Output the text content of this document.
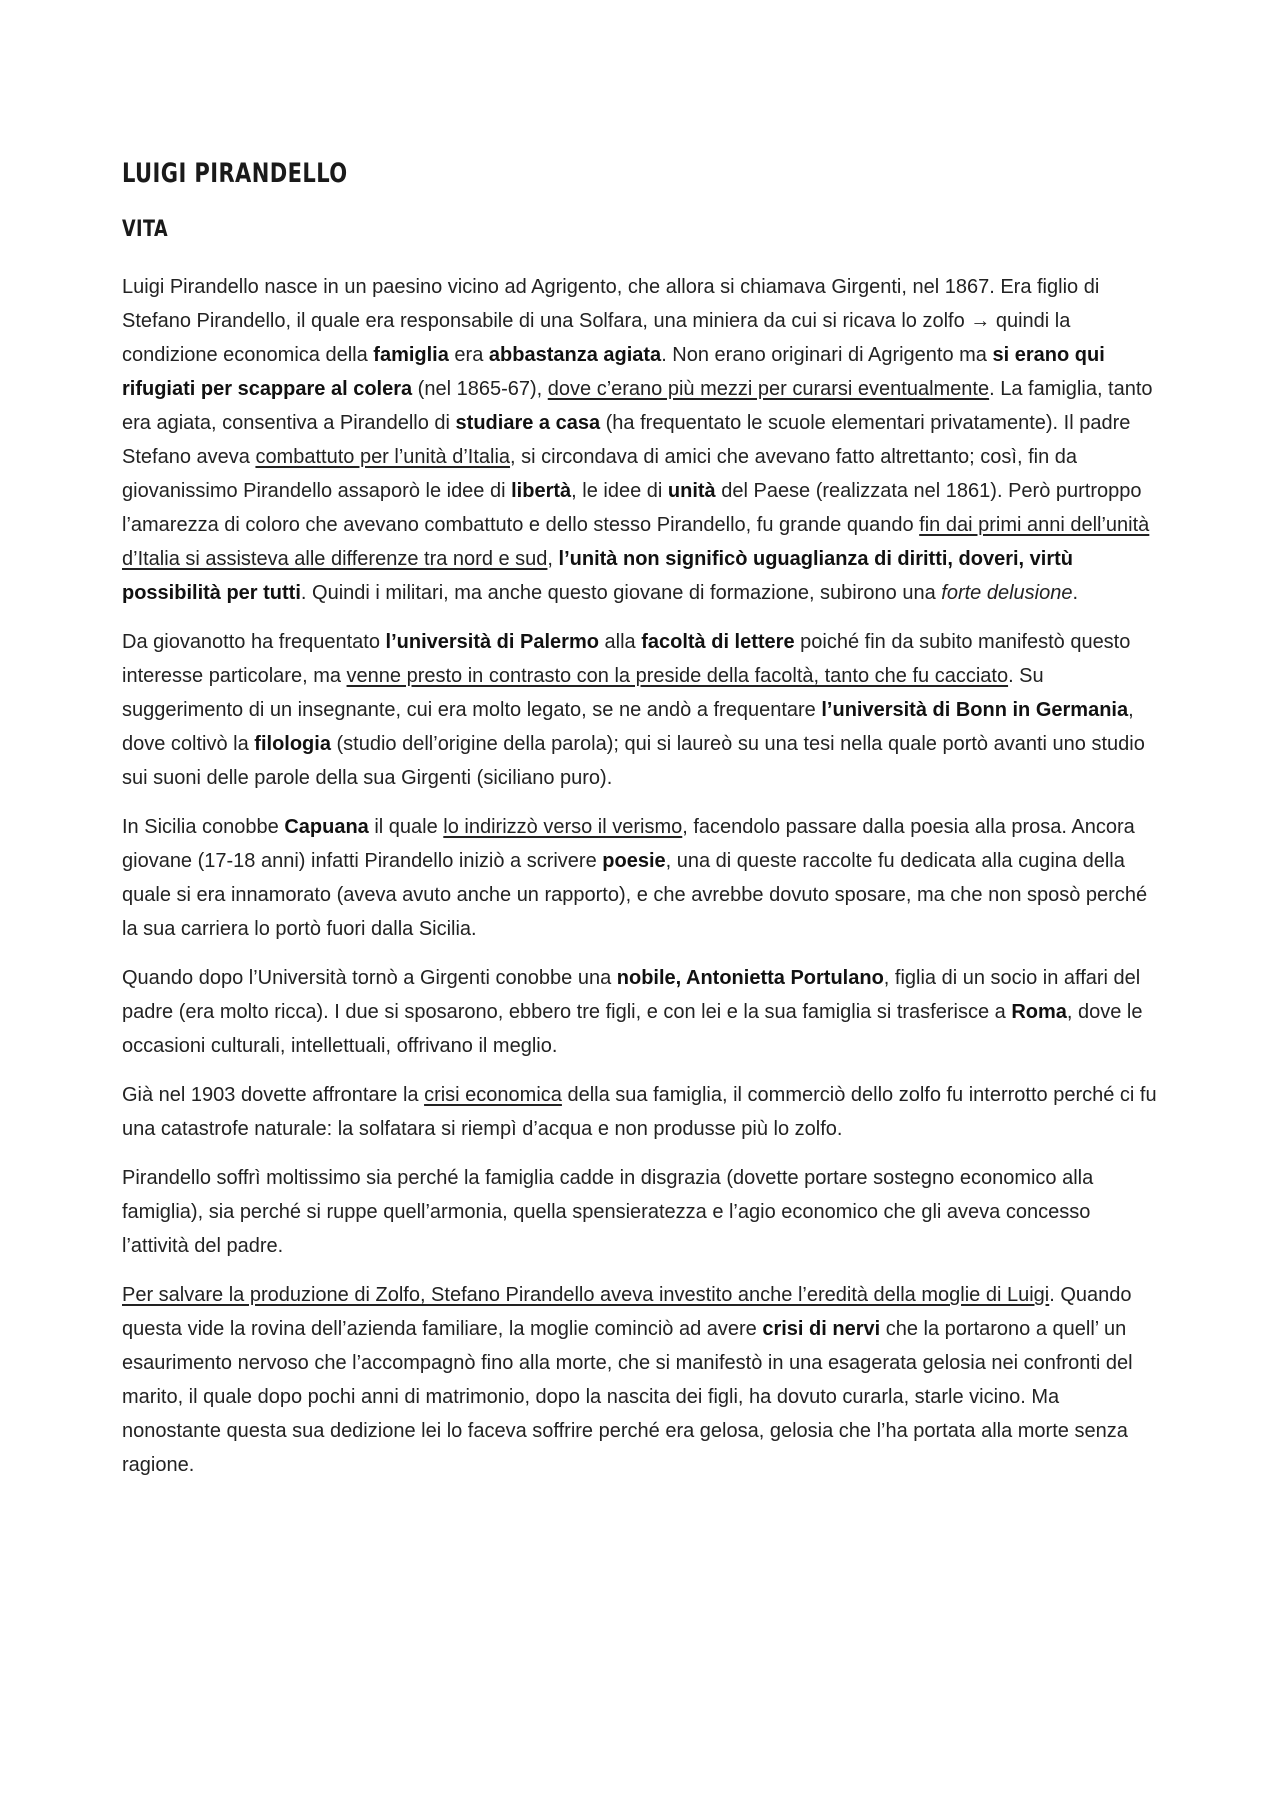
LUIGI PIRANDELLO
VITA

Luigi Pirandello nasce in un paesino vicino ad Agrigento, che allora si chiamava Girgenti, nel 1867. Era figlio di Stefano Pirandello, il quale era responsabile di una Solfara, una miniera da cui si ricava lo zolfo → quindi la condizione economica della famiglia era abbastanza agiata. Non erano originari di Agrigento ma si erano qui rifugiati per scappare al colera (nel 1865-67), dove c’erano più mezzi per curarsi eventualmente. La famiglia, tanto era agiata, consentiva a Pirandello di studiare a casa (ha frequentato le scuole elementari privatamente). Il padre Stefano aveva combattuto per l’unità d’Italia, si circondava di amici che avevano fatto altrettanto; così, fin da giovanissimo Pirandello assaporò le idee di libertà, le idee di unità del Paese (realizzata nel 1861). Però purtroppo l’amarezza di coloro che avevano combattuto e dello stesso Pirandello, fu grande quando fin dai primi anni dell’unità d’Italia si assisteva alle differenze tra nord e sud, l’unità non significò uguaglianza di diritti, doveri, virtù possibilità per tutti. Quindi i militari, ma anche questo giovane di formazione, subirono una forte delusione.

Da giovanotto ha frequentato l’università di Palermo alla facoltà di lettere poiché fin da subito manifestò questo interesse particolare, ma venne presto in contrasto con la preside della facoltà, tanto che fu cacciato. Su suggerimento di un insegnante, cui era molto legato, se ne andò a frequentare l’università di Bonn in Germania, dove coltivò la filologia (studio dell’origine della parola); qui si laureò su una tesi nella quale portò avanti uno studio sui suoni delle parole della sua Girgenti (siciliano puro).

In Sicilia conobbe Capuana il quale lo indirizzò verso il verismo, facendolo passare dalla poesia alla prosa. Ancora giovane (17-18 anni) infatti Pirandello iniziò a scrivere poesie, una di queste raccolte fu dedicata alla cugina della quale si era innamorato (aveva avuto anche un rapporto), e che avrebbe dovuto sposare, ma che non sposò perché la sua carriera lo portò fuori dalla Sicilia.

Quando dopo l’Università tornò a Girgenti conobbe una nobile, Antonietta Portulano, figlia di un socio in affari del padre (era molto ricca). I due si sposarono, ebbero tre figli, e con lei e la sua famiglia si trasferisce a Roma, dove le occasioni culturali, intellettuali, offrivano il meglio.

Già nel 1903 dovette affrontare la crisi economica della sua famiglia, il commerciò dello zolfo fu interrotto perché ci fu una catastrofe naturale: la solfatara si riempì d’acqua e non produsse più lo zolfo.

Pirandello soffrì moltissimo sia perché la famiglia cadde in disgrazia (dovette portare sostegno economico alla famiglia), sia perché si ruppe quell’armonia, quella spensieratezza e l’agio economico che gli aveva concesso l’attività del padre.

Per salvare la produzione di Zolfo, Stefano Pirandello aveva investito anche l’eredità della moglie di Luigi. Quando questa vide la rovina dell’azienda familiare, la moglie cominciò ad avere crisi di nervi che la portarono a quell’ un esaurimento nervoso che l’accompagnò fino alla morte, che si manifestò in una esagerata gelosia nei confronti del marito, il quale dopo pochi anni di matrimonio, dopo la nascita dei figli, ha dovuto curarla, starle vicino. Ma nonostante questa sua dedizione lei lo faceva soffrire perché era gelosa, gelosia che l’ha portata alla morte senza ragione.
